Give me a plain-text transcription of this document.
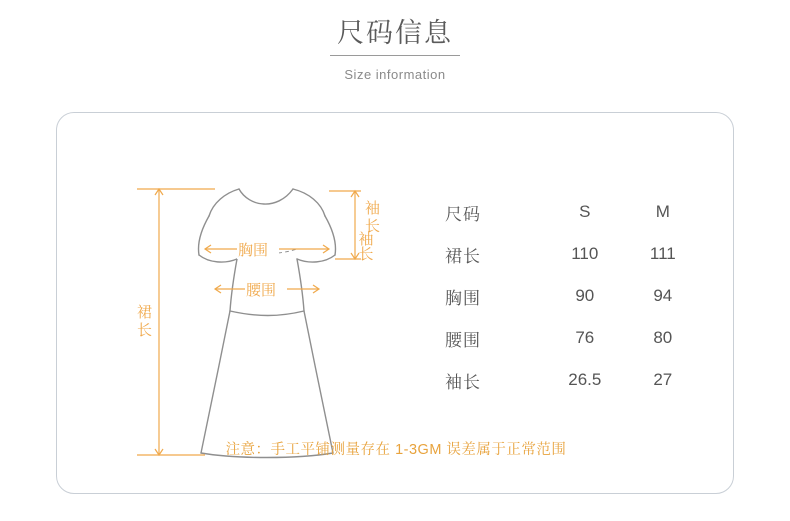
尺码信息
Size information
袖长
袖
长
胸围
腰围
裙
长
尺码	S	M
裙长	110	111
胸围	90	94
腰围	76	80
袖长	26.5	27
注意：手工平铺测量存在 1-3GM 误差属于正常范围
